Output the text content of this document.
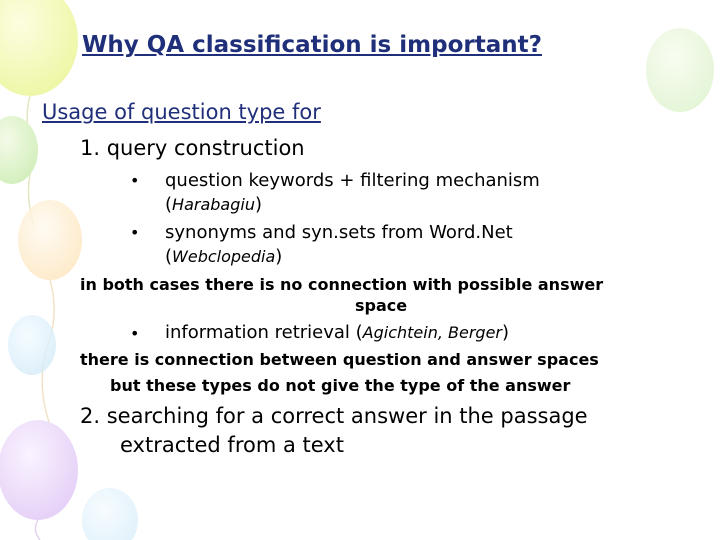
Why QA classification is important?
Usage of question type for
1. query construction
• question keywords + filtering mechanism
(Harabagiu)
• synonyms and syn.sets from Word.Net
(Webclopedia)
in both cases there is no connection with possible answer
space
• information retrieval (Agichtein, Berger)
there is connection between question and answer spaces
but these types do not give the type of the answer
2. searching for a correct answer in the passage
extracted from a text
